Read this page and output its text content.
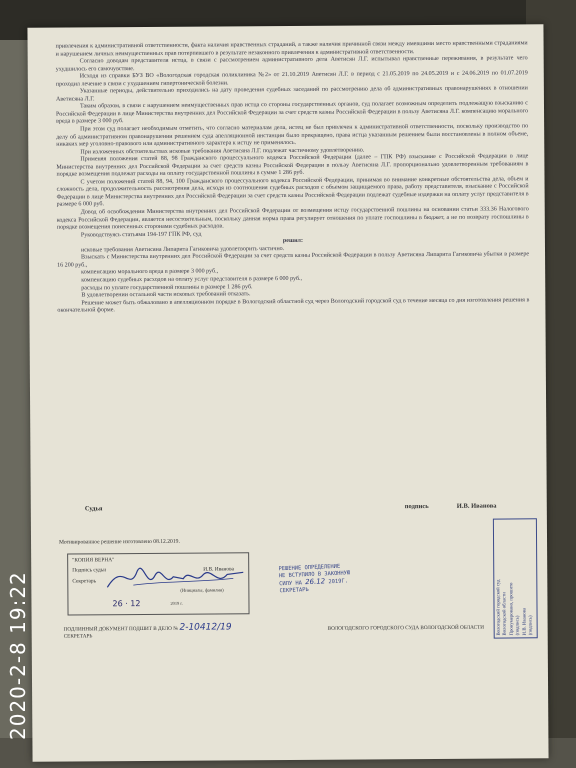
привлечения к административной ответственности, факта наличия нравственных страданий, а также наличия причинной связи между имевшими место нравственными страданиями и нарушением личных неимущественных прав потерпевшего в результате незаконного привлечения к административной ответственности.

Согласно доводам представителя истца, в связи с рассмотрением административного дела Аветисян Л.Г. испытывал нравственные переживания, в результате чего ухудшилось его самочувствие.

Исходя из справки БУЗ ВО «Вологодская городская поликлиника №2» от 21.10.2019 Аветисян Л.Г. в период с 21.05.2019 по 24.05.2019 и с 24.06.2019 по 01.07.2019 проходил лечение в связи с ухудшением гипертонической болезни.

Указанные периоды, действительно приходились на дату проведения судебных заседаний по рассмотрению дела об административных правонарушениях в отношении Аветисяна Л.Г.

Таким образом, в связи с нарушением неимущественных прав истца со стороны государственных органов, суд полагает возможным определить подлежащую взысканию с Российской Федерации в лице Министерства внутренних дел Российской Федерации за счет средств казны Российской Федерации в пользу Аветисяна Л.Г. компенсацию морального вреда в размере 3 000 руб.

При этом суд полагает необходимым отметить, что согласно материалам дела, истец не был привлечен к административной ответственности, поскольку производство по делу об административном правонарушении решением суда апелляционной инстанции было прекращено, права истца указанным решением были восстановлены в полном объеме, никаких мер уголовно-правового или административного характера к истцу не применялось.

При изложенных обстоятельствах исковые требования Аветисяна Л.Г. подлежат частичному удовлетворению.

Применяя положения статей 88, 98 Гражданского процессуального кодекса Российской Федерации (далее – ГПК РФ) взыскание с Российской Федерации в лице Министерства внутренних дел Российской Федерации за счет средств казны Российской Федерации в пользу Аветисяна Л.Г. пропорционально удовлетворенным требованиям в порядке возмещения подлежат расходы на оплату государственной пошлины в сумме 1 286 руб.

С учетом положений статей 88, 94, 100 Гражданского процессуального кодекса Российской Федерации, принимая во внимание конкретные обстоятельства дела, объем и сложность дела, продолжительность рассмотрения дела, исходя из соотношения судебных расходов с объемом защищаемого права, работу представителя, взыскание с Российской Федерации в лице Министерства внутренних дел Российской Федерации за счет средств казны Российской Федерации подлежат судебные издержки на оплату услуг представителя в размере 6 000 руб.

Довод об освобождении Министерства внутренних дел Российской Федерации от возмещения истцу государственной пошлины на основании статьи 333.36 Налогового кодекса Российской Федерации, является несостоятельным, поскольку данная норма права регулирует отношения по уплате госпошлины в бюджет, а не по возврату госпошлины в порядке возмещения понесенных сторонами судебных расходов.

Руководствуясь статьями 194-197 ГПК РФ, суд

решил:

исковые требования Аветисяна Липарита Гагиковича удовлетворить частично.

Взыскать с Министерства внутренних дел Российской Федерации за счет средств казны Российской Федерации в пользу Аветисяна Липарита Гагиковича убытки в размере 16 200 руб.,

компенсацию морального вреда в размере 3 000 руб.,

компенсацию судебных расходов на оплату услуг представителя в размере 6 000 руб.,

расходы по уплате государственной пошлины в размере 1 286 руб.

В удовлетворении остальной части исковых требований отказать.

Решение может быть обжаловано в апелляционном порядке в Вологодский областной суд через Вологодский городской суд в течение месяца со дня изготовления решения в окончательной форме.

Судья	подпись	И.В. Иванова
Мотивированное решение изготовлено 08.12.2019.
"КОПИЯ ВЕРНА"
Подпись судьи
Секретарь
И.В. Иванова
(Инициалы, фамилия)
26 · 12	2019 г.
РЕШЕНИЕ ОПРЕДЕЛЕНИЕ
НЕ ВСТУПИЛО В ЗАКОННУЮ
СИЛУ НА 26.12 2019Г.
СЕКРЕТАРЬ
ПОДЛИННЫЙ ДОКУМЕНТ ПОДШИТ В ДЕЛО № 2-10412/19
СЕКРЕТАРЬ
ВОЛОГОДСКОГО ГОРОДСКОГО СУДА ВОЛОГОДСКОЙ ОБЛАСТИ	Вологодский городской суд Вологодской области Пронумеровано, прошито (подпись) И.В. Иванова (подпись)
2020-2-8 19:22
